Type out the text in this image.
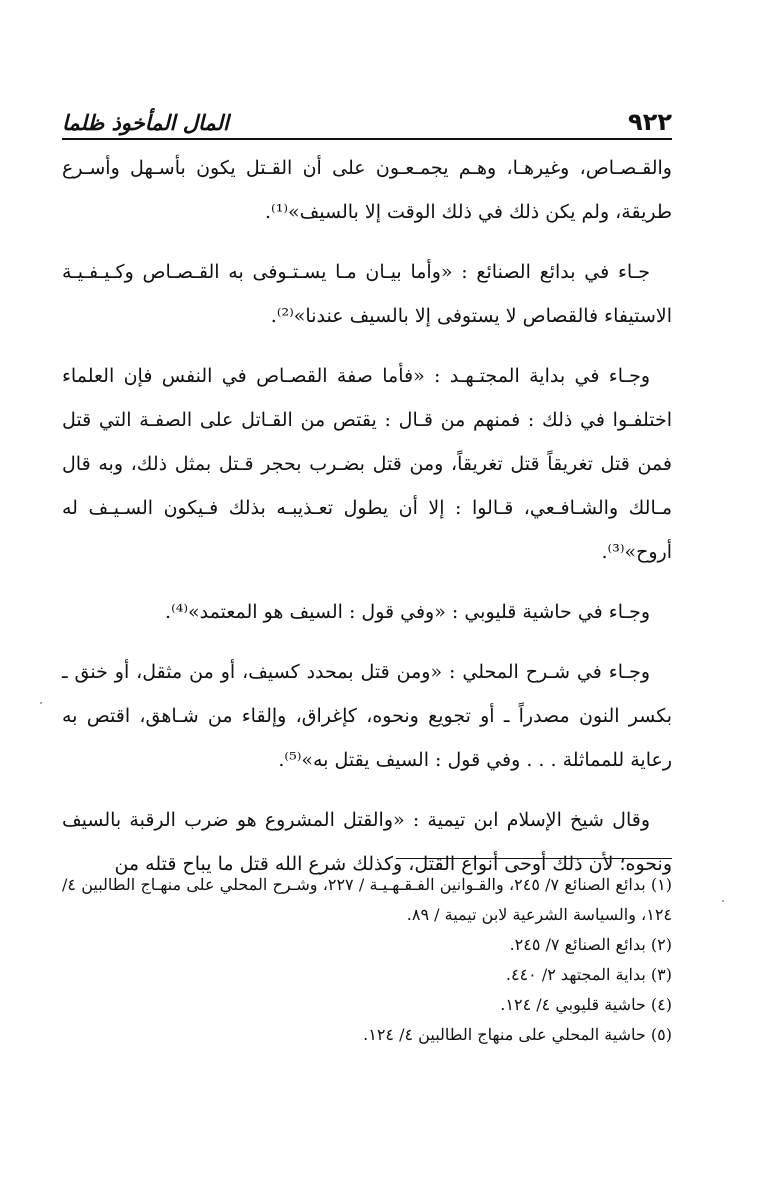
٩٢٢
المال المأخوذ ظلما

والقـصـاص، وغيرهـا، وهـم يجمـعـون على أن القـتل يكون بأسـهل وأسـرع طريقة، ولم يكن ذلك في ذلك الوقت إلا بالسيف»⁽¹⁾.

جـاء في بدائع الصنائع : «وأما بيـان مـا يسـتـوفى به القـصـاص وكـيـفـيـة الاستيفاء فالقصاص لا يستوفى إلا بالسيف عندنا»⁽²⁾.

وجـاء في بداية المجتـهـد : «فأما صفة القصـاص في النفس فإن العلماء اختلفـوا في ذلك : فمنهم من قـال : يقتص من القـاتل على الصفـة التي قتل فمن قتل تغريقاً قتل تغريقاً، ومن قتل بضـرب بحجر قـتل بمثل ذلك، وبه قال مـالك والشـافـعي، قـالوا : إلا أن يطول تعـذيبـه بذلك فـيكون السـيـف له أروح»⁽³⁾.

وجـاء في حاشية قليوبي : «وفي قول : السيف هو المعتمد»⁽⁴⁾.

وجـاء في شـرح المحلي : «ومن قتل بمحدد كسيف، أو من مثقل، أو خنق ـ بكسر النون مصدراً ـ أو تجويع ونحوه، كإغراق، وإلقاء من شـاهق، اقتص به رعاية للمماثلة . . . وفي قول : السيف يقتل به»⁽⁵⁾.

وقال شيخ الإسلام ابن تيمية : «والقتل المشروع هو ضرب الرقبة بالسيف ونحوه؛ لأن ذلك أوحى أنواع القتل، وكذلك شرع الله قتل ما يباح قتله من

(١) بدائع الصنائع ٧/ ٢٤٥، والقـوانين الفـقـهـيـة / ٢٢٧، وشـرح المحلي على منهـاج الطالبين ٤/ ١٢٤، والسياسة الشرعية لابن تيمية / ٨٩.

(٢) بدائع الصنائع ٧/ ٢٤٥.

(٣) بداية المجتهد ٢/ ٤٤٠.

(٤) حاشية قليوبي ٤/ ١٢٤.

(٥) حاشية المحلي على منهاج الطالبين ٤/ ١٢٤.
